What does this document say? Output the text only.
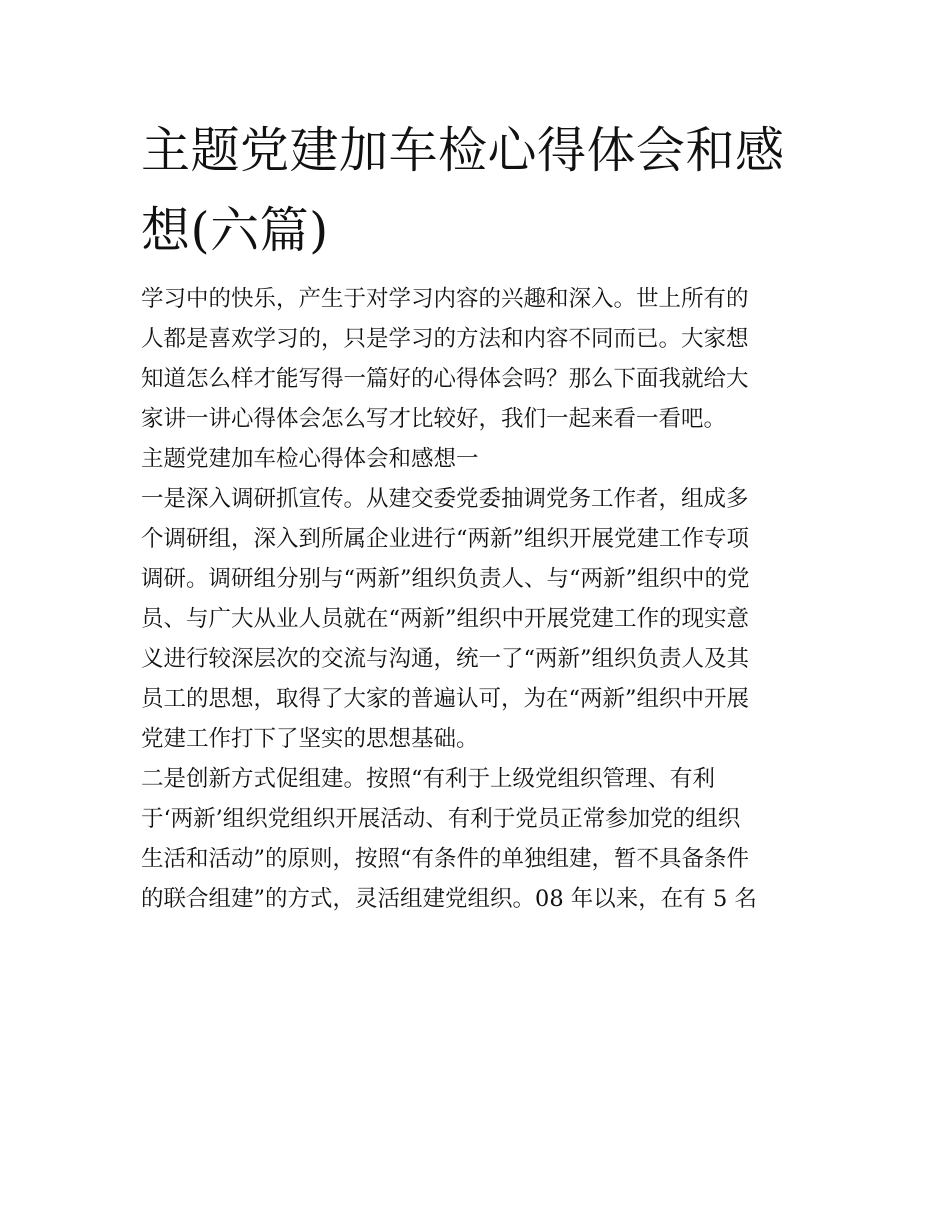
主题党建加车检心得体会和感
想(六篇)
学习中的快乐，产生于对学习内容的兴趣和深入。世上所有的
人都是喜欢学习的，只是学习的方法和内容不同而已。大家想
知道怎么样才能写得一篇好的心得体会吗？那么下面我就给大
家讲一讲心得体会怎么写才比较好，我们一起来看一看吧。
主题党建加车检心得体会和感想一
一是深入调研抓宣传。从建交委党委抽调党务工作者，组成多
个调研组，深入到所属企业进行“两新”组织开展党建工作专项
调研。调研组分别与“两新”组织负责人、与“两新”组织中的党
员、与广大从业人员就在“两新”组织中开展党建工作的现实意
义进行较深层次的交流与沟通，统一了“两新”组织负责人及其
员工的思想，取得了大家的普遍认可，为在“两新”组织中开展
党建工作打下了坚实的思想基础。
二是创新方式促组建。按照“有利于上级党组织管理、有利
于‘两新’组织党组织开展活动、有利于党员正常参加党的组织
生活和活动”的原则，按照“有条件的单独组建，暂不具备条件
的联合组建”的方式，灵活组建党组织。08 年以来，在有 5 名
